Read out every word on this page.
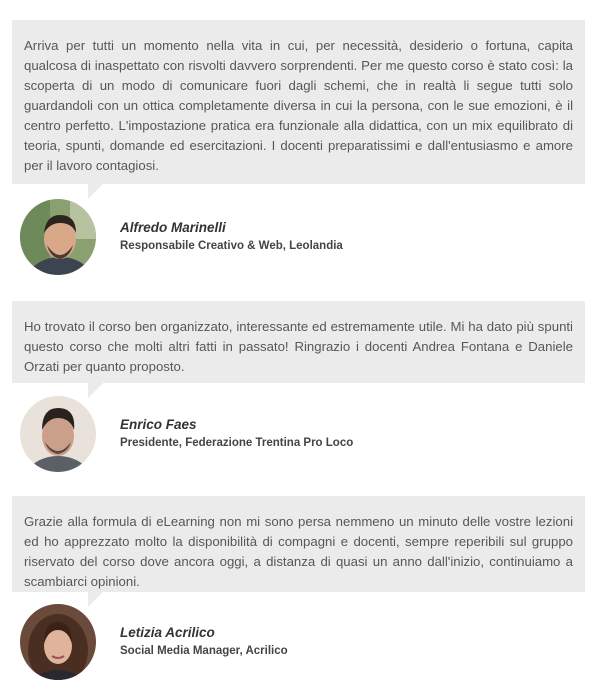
Arriva per tutti un momento nella vita in cui, per necessità, desiderio o fortuna, capita qualcosa di inaspettato con risvolti davvero sorprendenti. Per me questo corso è stato così: la scoperta di un modo di comunicare fuori dagli schemi, che in realtà li segue tutti solo guardandoli con un ottica completamente diversa in cui la persona, con le sue emozioni, è il centro perfetto. L'impostazione pratica era funzionale alla didattica, con un mix equilibrato di teoria, spunti, domande ed esercitazioni. I docenti preparatissimi e dall'entusiasmo e amore per il lavoro contagiosi.
Alfredo Marinelli
Responsabile Creativo & Web, Leolandia
Ho trovato il corso ben organizzato, interessante ed estremamente utile. Mi ha dato più spunti questo corso che molti altri fatti in passato! Ringrazio i docenti Andrea Fontana e Daniele Orzati per quanto proposto.
Enrico Faes
Presidente, Federazione Trentina Pro Loco
Grazie alla formula di eLearning non mi sono persa nemmeno un minuto delle vostre lezioni ed ho apprezzato molto la disponibilità di compagni e docenti, sempre reperibili sul gruppo riservato del corso dove ancora oggi, a distanza di quasi un anno dall'inizio, continuiamo a scambiarci opinioni.
Letizia Acrilico
Social Media Manager, Acrilico
